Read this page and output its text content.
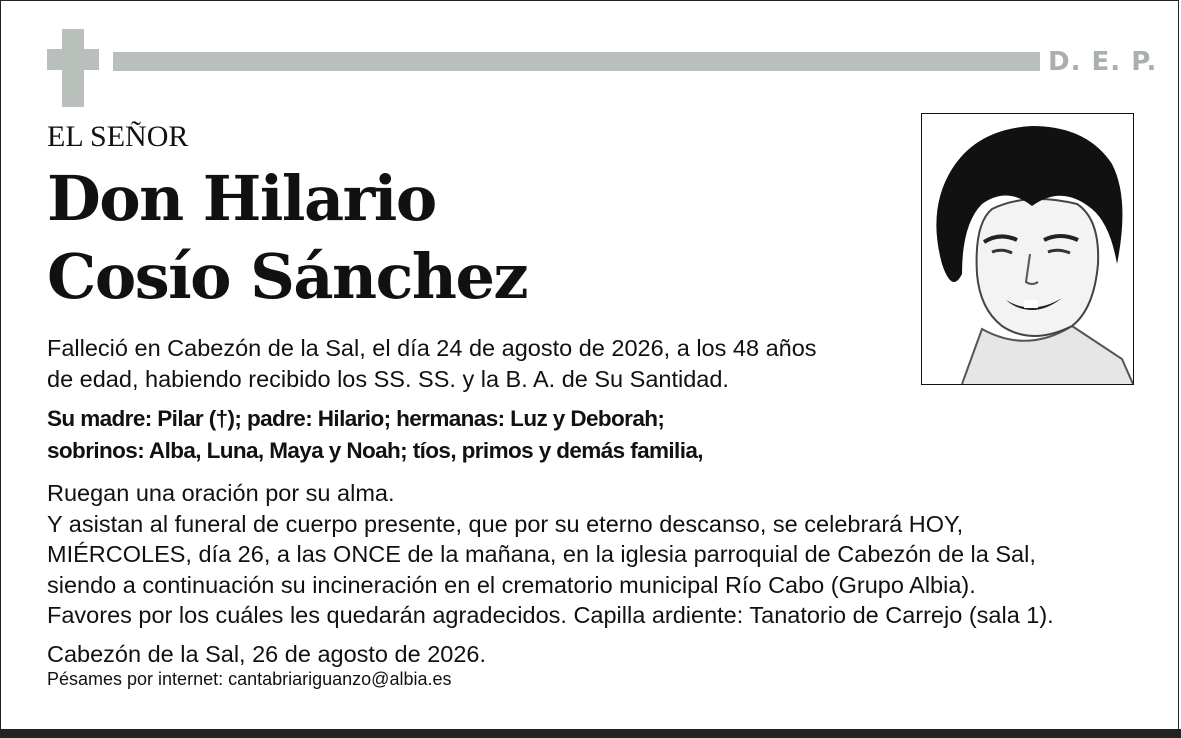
D. E. P.
EL SEÑOR
Don Hilario
Cosío Sánchez
Falleció en Cabezón de la Sal, el día 24 de agosto de 2026, a los 48 años
de edad, habiendo recibido los SS. SS. y la B. A. de Su Santidad.
Su madre: Pilar (†); padre: Hilario; hermanas: Luz y Deborah;
sobrinos: Alba, Luna, Maya y Noah; tíos, primos y demás familia,
Ruegan una oración por su alma.
Y asistan al funeral de cuerpo presente, que por su eterno descanso, se celebrará HOY,
MIÉRCOLES, día 26, a las ONCE de la mañana, en la iglesia parroquial de Cabezón de la Sal,
siendo a continuación su incineración en el crematorio municipal Río Cabo (Grupo Albia).
Favores por los cuáles les quedarán agradecidos. Capilla ardiente: Tanatorio de Carrejo (sala 1).
Cabezón de la Sal, 26 de agosto de 2026.
Pésames por internet: cantabriariguanzo@albia.es
